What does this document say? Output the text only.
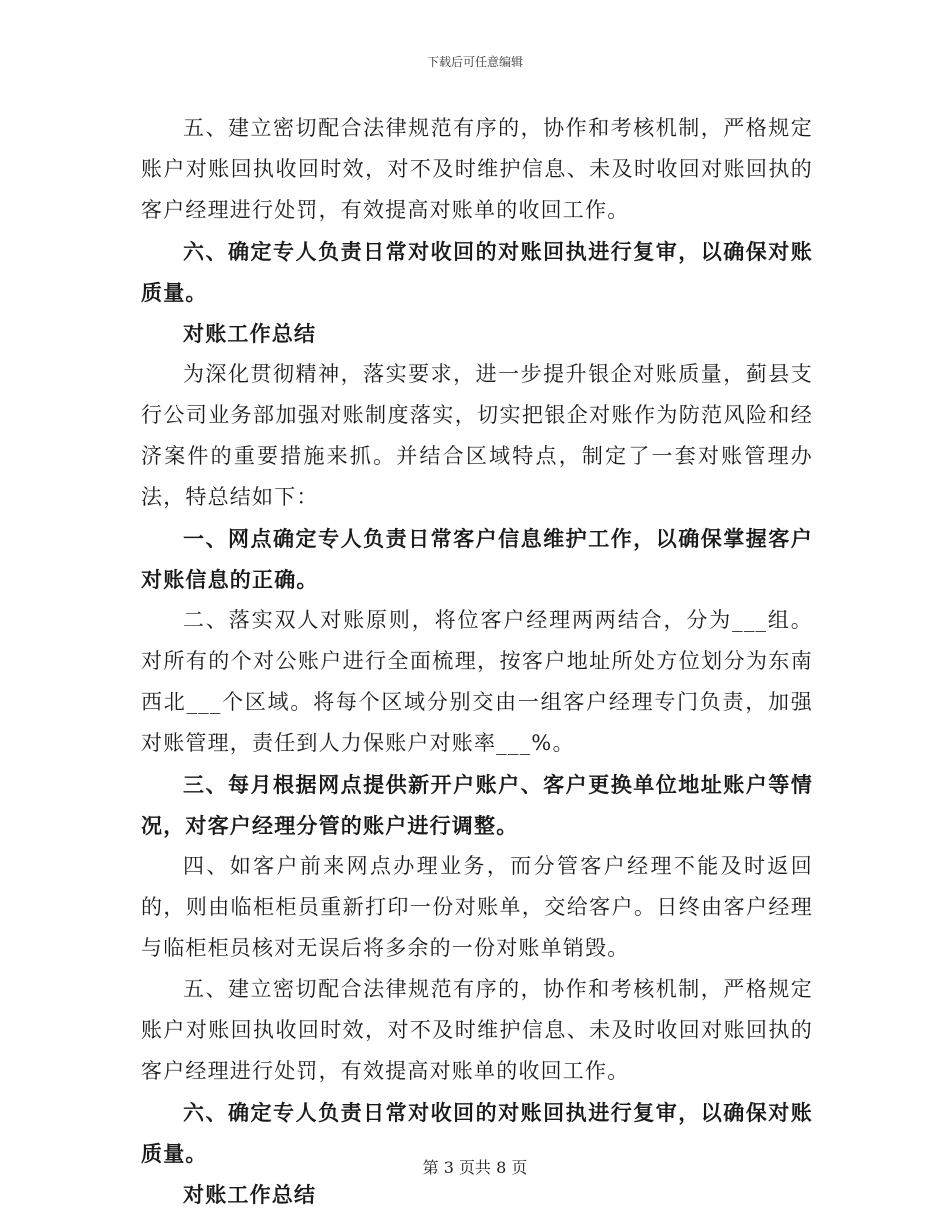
下载后可任意编辑

五、建立密切配合法律规范有序的，协作和考核机制，严格规定账户对账回执收回时效，对不及时维护信息、未及时收回对账回执的客户经理进行处罚，有效提高对账单的收回工作。

六、确定专人负责日常对收回的对账回执进行复审，以确保对账质量。

对账工作总结

为深化贯彻精神，落实要求，进一步提升银企对账质量，蓟县支行公司业务部加强对账制度落实，切实把银企对账作为防范风险和经济案件的重要措施来抓。并结合区域特点，制定了一套对账管理办法，特总结如下：

一、网点确定专人负责日常客户信息维护工作，以确保掌握客户对账信息的正确。

二、落实双人对账原则，将位客户经理两两结合，分为___组。对所有的个对公账户进行全面梳理，按客户地址所处方位划分为东南西北___个区域。将每个区域分别交由一组客户经理专门负责，加强对账管理，责任到人力保账户对账率___%。

三、每月根据网点提供新开户账户、客户更换单位地址账户等情况，对客户经理分管的账户进行调整。

四、如客户前来网点办理业务，而分管客户经理不能及时返回的，则由临柜柜员重新打印一份对账单，交给客户。日终由客户经理与临柜柜员核对无误后将多余的一份对账单销毁。

五、建立密切配合法律规范有序的，协作和考核机制，严格规定账户对账回执收回时效，对不及时维护信息、未及时收回对账回执的客户经理进行处罚，有效提高对账单的收回工作。

六、确定专人负责日常对收回的对账回执进行复审，以确保对账质量。

对账工作总结

第 3 页共 8 页
